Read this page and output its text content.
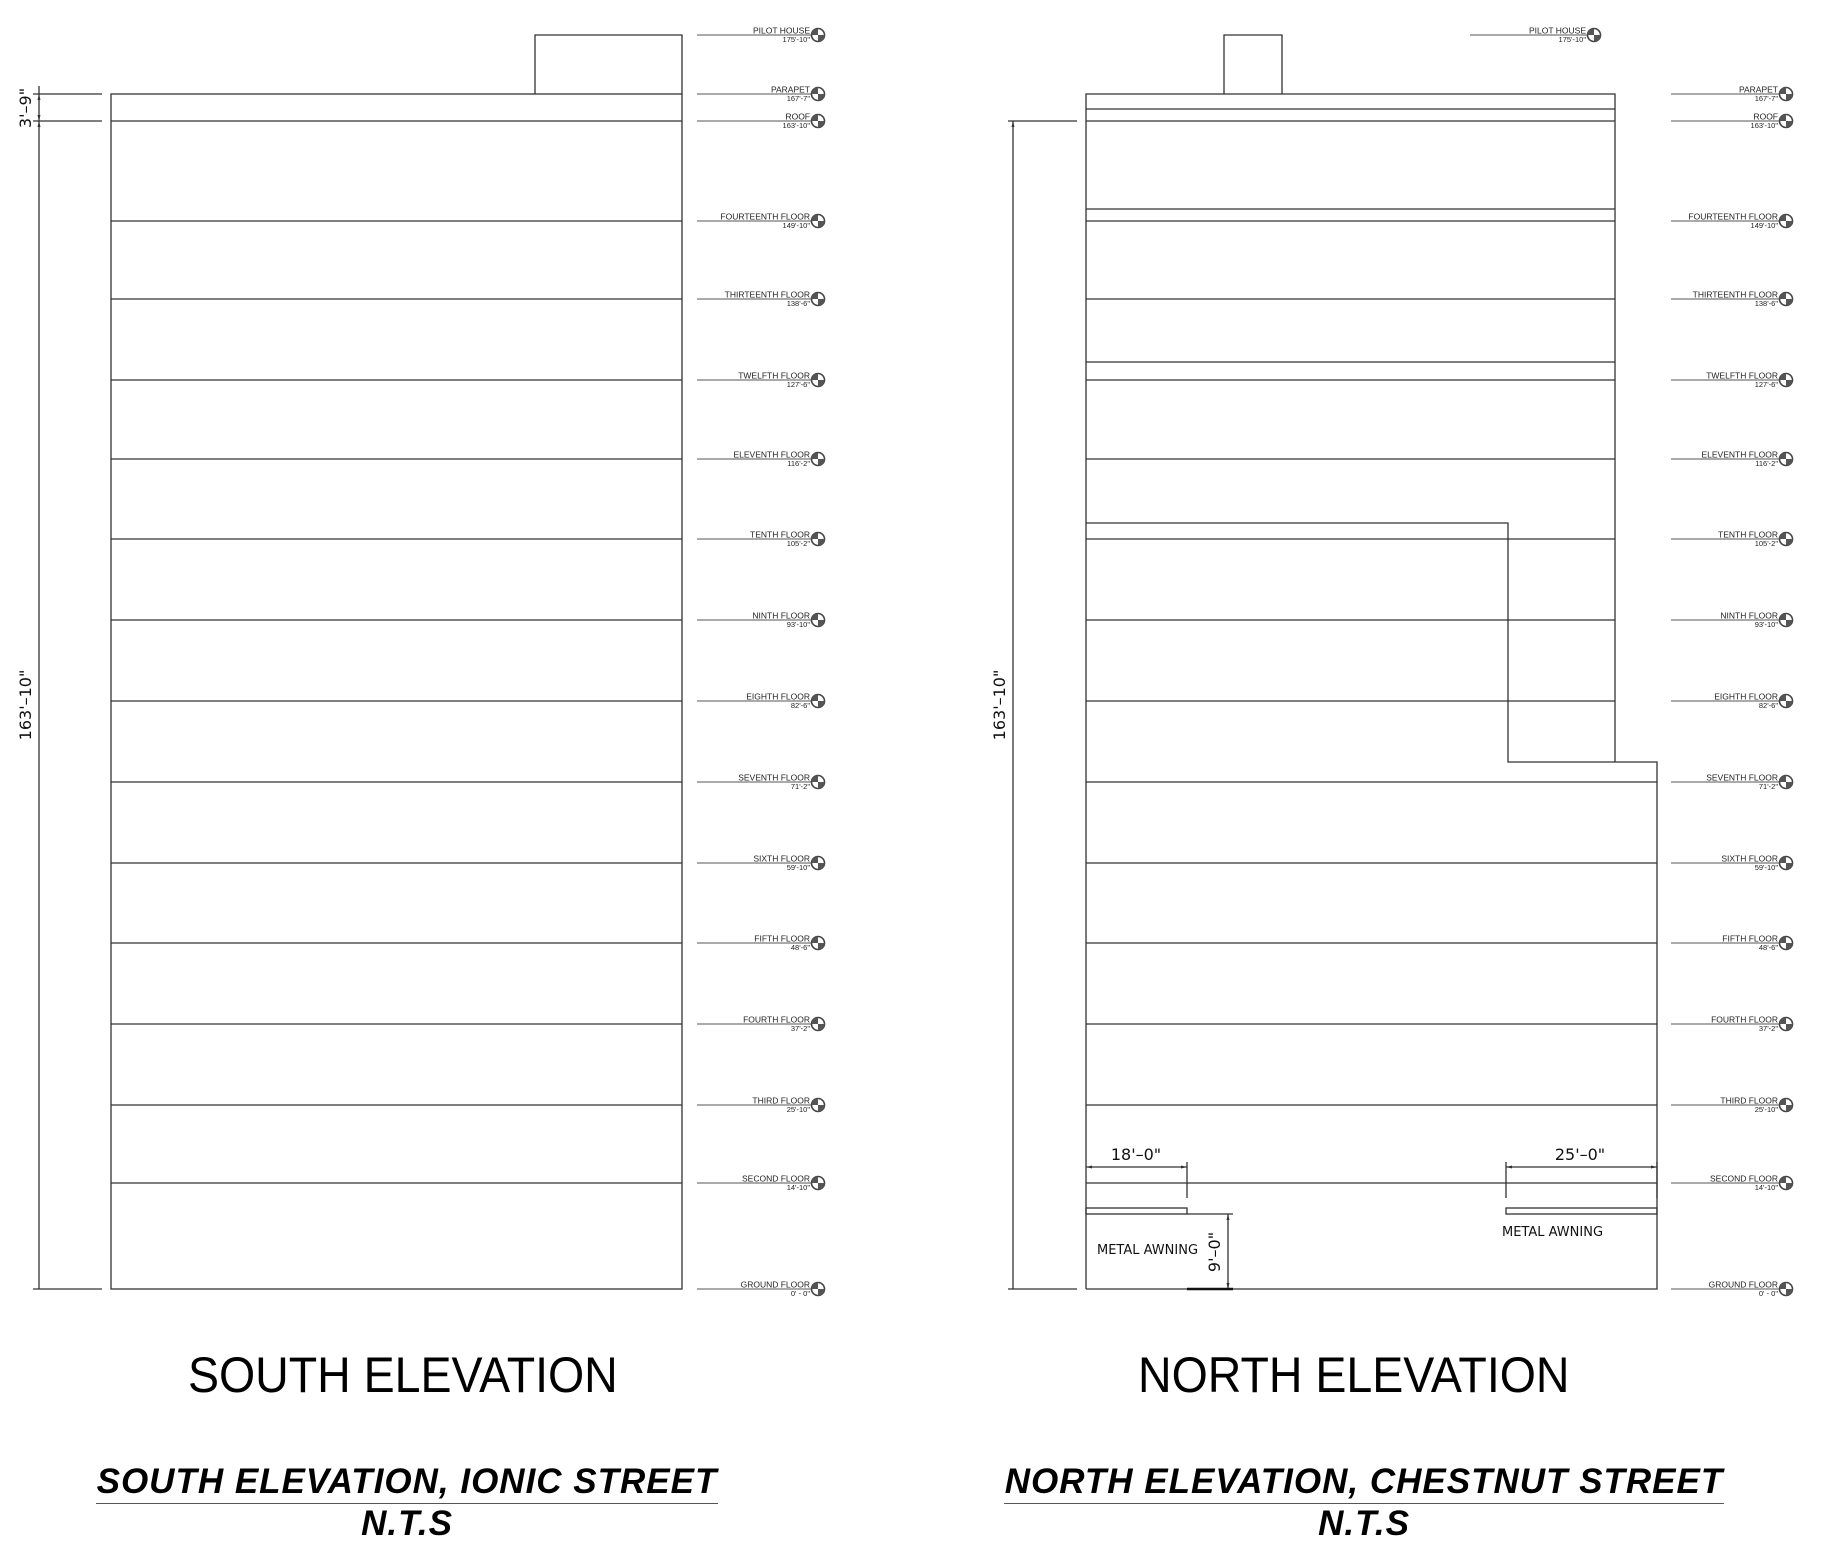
3'–9"
163'–10"
PILOT HOUSE
175'-10"
PARAPET
167'-7"
ROOF
163'-10"
FOURTEENTH FLOOR
149'-10"
THIRTEENTH FLOOR
138'-6"
TWELFTH FLOOR
127'-6"
ELEVENTH FLOOR
116'-2"
TENTH FLOOR
105'-2"
NINTH FLOOR
93'-10"
EIGHTH FLOOR
82'-6"
SEVENTH FLOOR
71'-2"
SIXTH FLOOR
59'-10"
FIFTH FLOOR
48'-6"
FOURTH FLOOR
37'-2"
THIRD FLOOR
25'-10"
SECOND FLOOR
14'-10"
GROUND FLOOR
0' - 0"
163'–10"
18'–0"
9'–0"
METAL AWNING
25'–0"
METAL AWNING
PILOT HOUSE
175'-10"
PARAPET
167'-7"
ROOF
163'-10"
FOURTEENTH FLOOR
149'-10"
THIRTEENTH FLOOR
138'-6"
TWELFTH FLOOR
127'-6"
ELEVENTH FLOOR
116'-2"
TENTH FLOOR
105'-2"
NINTH FLOOR
93'-10"
EIGHTH FLOOR
82'-6"
SEVENTH FLOOR
71'-2"
SIXTH FLOOR
59'-10"
FIFTH FLOOR
48'-6"
FOURTH FLOOR
37'-2"
THIRD FLOOR
25'-10"
SECOND FLOOR
14'-10"
GROUND FLOOR
0' - 0"
SOUTH ELEVATION	NORTH ELEVATION
SOUTH ELEVATION, IONIC STREET
N.T.S
NORTH ELEVATION, CHESTNUT STREET
N.T.S
